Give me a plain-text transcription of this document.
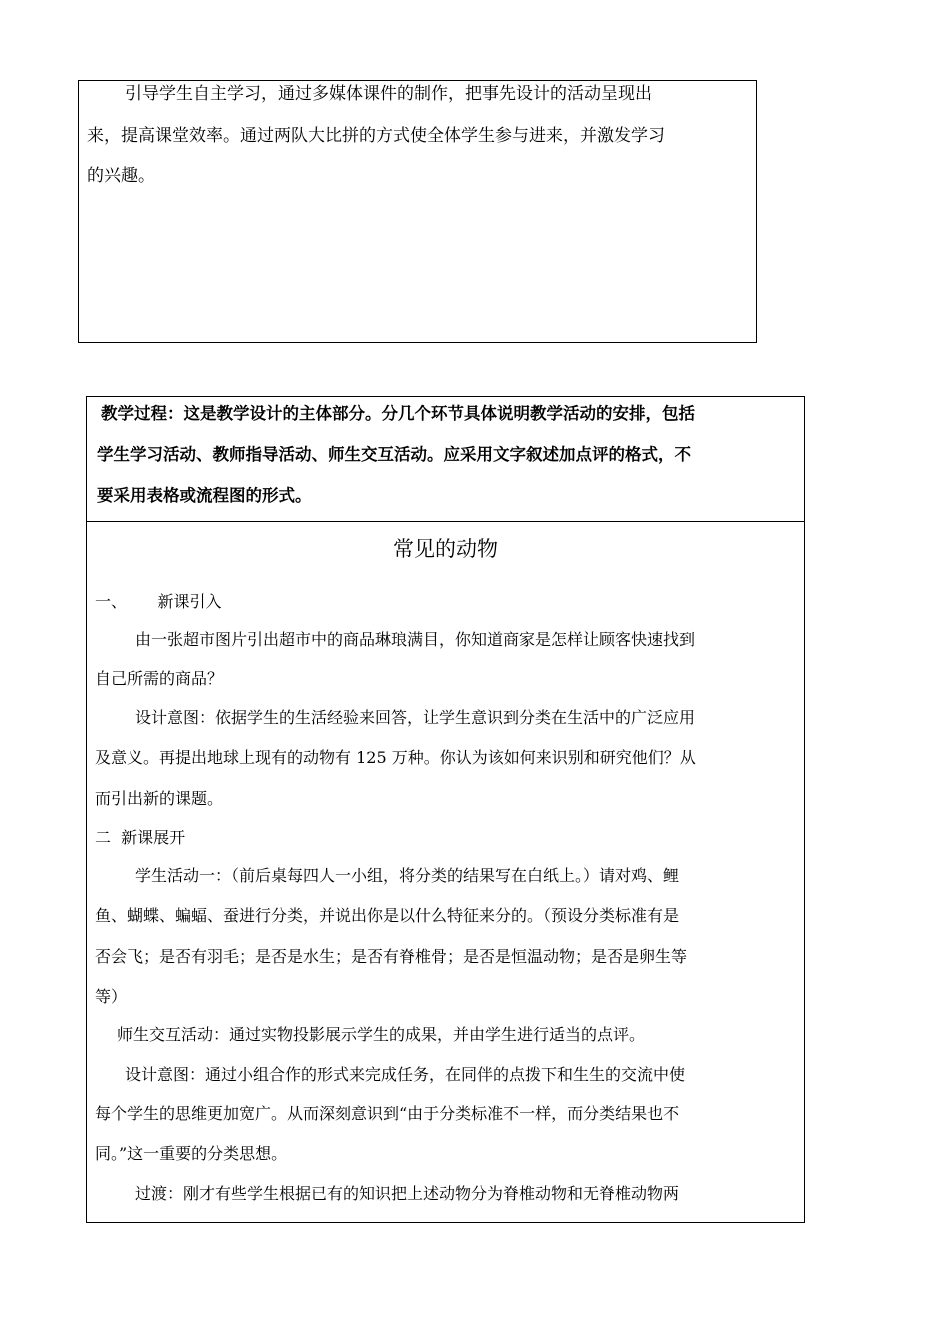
引导学生自主学习，通过多媒体课件的制作，把事先设计的活动呈现出
来，提高课堂效率。通过两队大比拼的方式使全体学生参与进来，并激发学习
的兴趣。
教学过程：这是教学设计的主体部分。分几个环节具体说明教学活动的安排，包括
学生学习活动、教师指导活动、师生交互活动。应采用文字叙述加点评的格式，不
要采用表格或流程图的形式。
常见的动物
一、      新课引入
由一张超市图片引出超市中的商品琳琅满目，你知道商家是怎样让顾客快速找到
自己所需的商品？
设计意图：依据学生的生活经验来回答，让学生意识到分类在生活中的广泛应用
及意义。再提出地球上现有的动物有 125 万种。你认为该如何来识别和研究他们？从
而引出新的课题。
二  新课展开
学生活动一：（前后桌每四人一小组，将分类的结果写在白纸上。）请对鸡、鲤
鱼、蝴蝶、蝙蝠、蚕进行分类，并说出你是以什么特征来分的。（预设分类标准有是
否会飞；是否有羽毛；是否是水生；是否有脊椎骨；是否是恒温动物；是否是卵生等
等）
师生交互活动：通过实物投影展示学生的成果，并由学生进行适当的点评。
设计意图：通过小组合作的形式来完成任务，在同伴的点拨下和生生的交流中使
每个学生的思维更加宽广。从而深刻意识到“由于分类标准不一样，而分类结果也不
同。”这一重要的分类思想。
过渡：刚才有些学生根据已有的知识把上述动物分为脊椎动物和无脊椎动物两
